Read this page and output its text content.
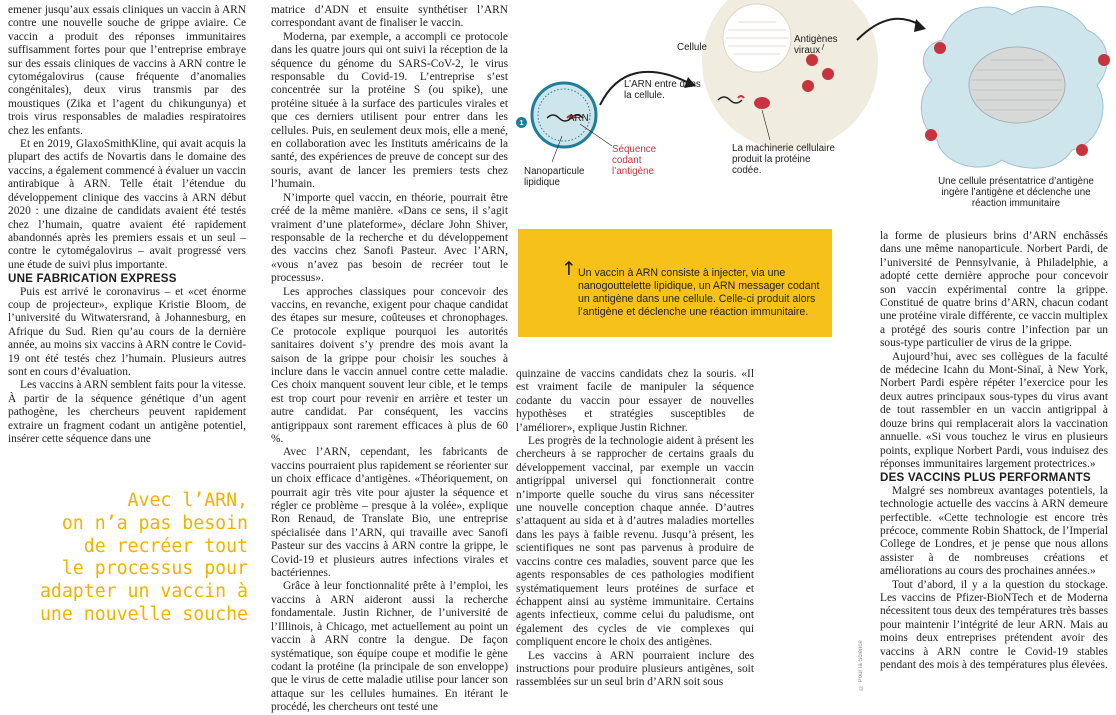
emener jusqu’aux essais cliniques un vaccin à ARN contre une nouvelle souche de grippe aviaire. Ce vaccin a produit des réponses immunitaires suffisamment fortes pour que l’entreprise embraye sur des essais cliniques de vaccins à ARN contre le cytomégalovirus (cause fréquente d’anomalies congénitales), deux virus transmis par des moustiques (Zika et l’agent du chikungunya) et trois virus responsables de maladies respiratoires chez les enfants.

Et en 2019, GlaxoSmithKline, qui avait acquis la plupart des actifs de Novartis dans le domaine des vaccins, a également commencé à évaluer un vaccin antirabique à ARN. Telle était l’étendue du développement clinique des vaccins à ARN début 2020 : une dizaine de candidats avaient été testés chez l’humain, quatre avaient été rapidement abandonnés après les premiers essais et un seul – contre le cytomégalovirus – avait progressé vers une étude de suivi plus importante.

UNE FABRICATION EXPRESS

Puis est arrivé le coronavirus – et «cet énorme coup de projecteur», explique Kristie Bloom, de l’université du Witwatersrand, à Johannesburg, en Afrique du Sud. Rien qu’au cours de la dernière année, au moins six vaccins à ARN contre le Covid-19 ont été testés chez l’humain. Plusieurs autres sont en cours d’évaluation.

Les vaccins à ARN semblent faits pour la vitesse. À partir de la séquence génétique d’un agent pathogène, les chercheurs peuvent rapidement extraire un fragment codant un antigène potentiel, insérer cette séquence dans une

Avec l’ARN,
on n’a pas besoin
de recréer tout
le processus pour
adapter un vaccin à
une nouvelle souche

matrice d’ADN et ensuite synthétiser l’ARN correspondant avant de finaliser le vaccin.

Moderna, par exemple, a accompli ce protocole dans les quatre jours qui ont suivi la réception de la séquence du génome du SARS-CoV-2, le virus responsable du Covid-19. L’entreprise s’est concentrée sur la protéine S (ou spike), une protéine située à la surface des particules virales et que ces derniers utilisent pour entrer dans les cellules. Puis, en seulement deux mois, elle a mené, en collaboration avec les Instituts américains de la santé, des expériences de preuve de concept sur des souris, avant de lancer les premiers tests chez l’humain.

N’importe quel vaccin, en théorie, pourrait être créé de la même manière. «Dans ce sens, il s’agit vraiment d’une plateforme», déclare John Shiver, responsable de la recherche et du développement des vaccins chez Sanofi Pasteur. Avec l’ARN, «vous n’avez pas besoin de recréer tout le processus».

Les approches classiques pour concevoir des vaccins, en revanche, exigent pour chaque candidat des étapes sur mesure, coûteuses et chronophages. Ce protocole explique pourquoi les autorités sanitaires doivent s’y prendre des mois avant la saison de la grippe pour choisir les souches à inclure dans le vaccin annuel contre cette maladie. Ces choix manquent souvent leur cible, et le temps est trop court pour revenir en arrière et tester un autre candidat. Par conséquent, les vaccins antigrippaux sont rarement efficaces à plus de 60 %.

Avec l’ARN, cependant, les fabricants de vaccins pourraient plus rapidement se réorienter sur un choix efficace d’antigènes. «Théoriquement, on pourrait agir très vite pour ajuster la séquence et régler ce problème – presque à la volée», explique Ron Renaud, de Translate Bio, une entreprise spécialisée dans l’ARN, qui travaille avec Sanofi Pasteur sur des vaccins à ARN contre la grippe, le Covid-19 et plusieurs autres infections virales et bactériennes.

Grâce à leur fonctionnalité prête à l’emploi, les vaccins à ARN aideront aussi la recherche fondamentale. Justin Richner, de l’université de l’Illinois, à Chicago, met actuellement au point un vaccin à ARN contre la dengue. De façon systématique, son équipe coupe et modifie le gène codant la protéine (la principale de son enveloppe) que le virus de cette maladie utilise pour lancer son attaque sur les cellules humaines. En itérant le procédé, les chercheurs ont testé une

1	ARN
Nanoparticule lipidique
Séquence codant l’antigène
L’ARN entre dans la cellule.
Cellule
Antigènes viraux
La machinerie cellulaire produit la protéine codée.
Une cellule présentatrice d’antigène ingère l’antigène et déclenche une réaction immunitaire
↑ Un vaccin à ARN consiste à injecter, via une nanogouttelette lipidique, un ARN messager codant un antigène dans une cellule. Celle-ci produit alors l’antigène et déclenche une réaction immunitaire.

quinzaine de vaccins candidats chez la souris. «Il est vraiment facile de manipuler la séquence codante du vaccin pour essayer de nouvelles hypothèses et stratégies susceptibles de l’améliorer», explique Justin Richner.

Les progrès de la technologie aident à présent les chercheurs à se rapprocher de certains graals du développement vaccinal, par exemple un vaccin antigrippal universel qui fonctionnerait contre n’importe quelle souche du virus sans nécessiter une nouvelle conception chaque année. D’autres s’attaquent au sida et à d’autres maladies mortelles dans les pays à faible revenu. Jusqu’à présent, les scientifiques ne sont pas parvenus à produire de vaccins contre ces maladies, souvent parce que les agents responsables de ces pathologies modifient systématiquement leurs protéines de surface et échappent ainsi au système immunitaire. Certains agents infectieux, comme celui du paludisme, ont également des cycles de vie complexes qui compliquent encore le choix des antigènes.

Les vaccins à ARN pourraient inclure des instructions pour produire plusieurs antigènes, soit rassemblées sur un seul brin d’ARN soit sous

la forme de plusieurs brins d’ARN enchâssés dans une même nanoparticule. Norbert Pardi, de l’université de Pennsylvanie, à Philadelphie, a adopté cette dernière approche pour concevoir son vaccin expérimental contre la grippe. Constitué de quatre brins d’ARN, chacun codant une protéine virale différente, ce vaccin multiplex a protégé des souris contre l’infection par un sous-type particulier de virus de la grippe.

Aujourd’hui, avec ses collègues de la faculté de médecine Icahn du Mont-Sinaï, à New York, Norbert Pardi espère répéter l’exercice pour les deux autres principaux sous-types du virus avant de tout rassembler en un vaccin antigrippal à douze brins qui remplacerait alors la vaccination annuelle. «Si vous touchez le virus en plusieurs points, explique Norbert Pardi, vous induisez des réponses immunitaires largement protectrices.»

DES VACCINS PLUS PERFORMANTS

Malgré ses nombreux avantages potentiels, la technologie actuelle des vaccins à ARN demeure perfectible. «Cette technologie est encore très précoce, commente Robin Shattock, de l’Imperial College de Londres, et je pense que nous allons assister à de nombreuses créations et améliorations au cours des prochaines années.»

Tout d’abord, il y a la question du stockage. Les vaccins de Pfizer-BioNTech et de Moderna nécessitent tous deux des températures très basses pour maintenir l’intégrité de leur ARN. Mais au moins deux entreprises prétendent avoir des vaccins à ARN contre le Covid-19 stables pendant des mois à des températures plus élevées.

© Pour la Science
